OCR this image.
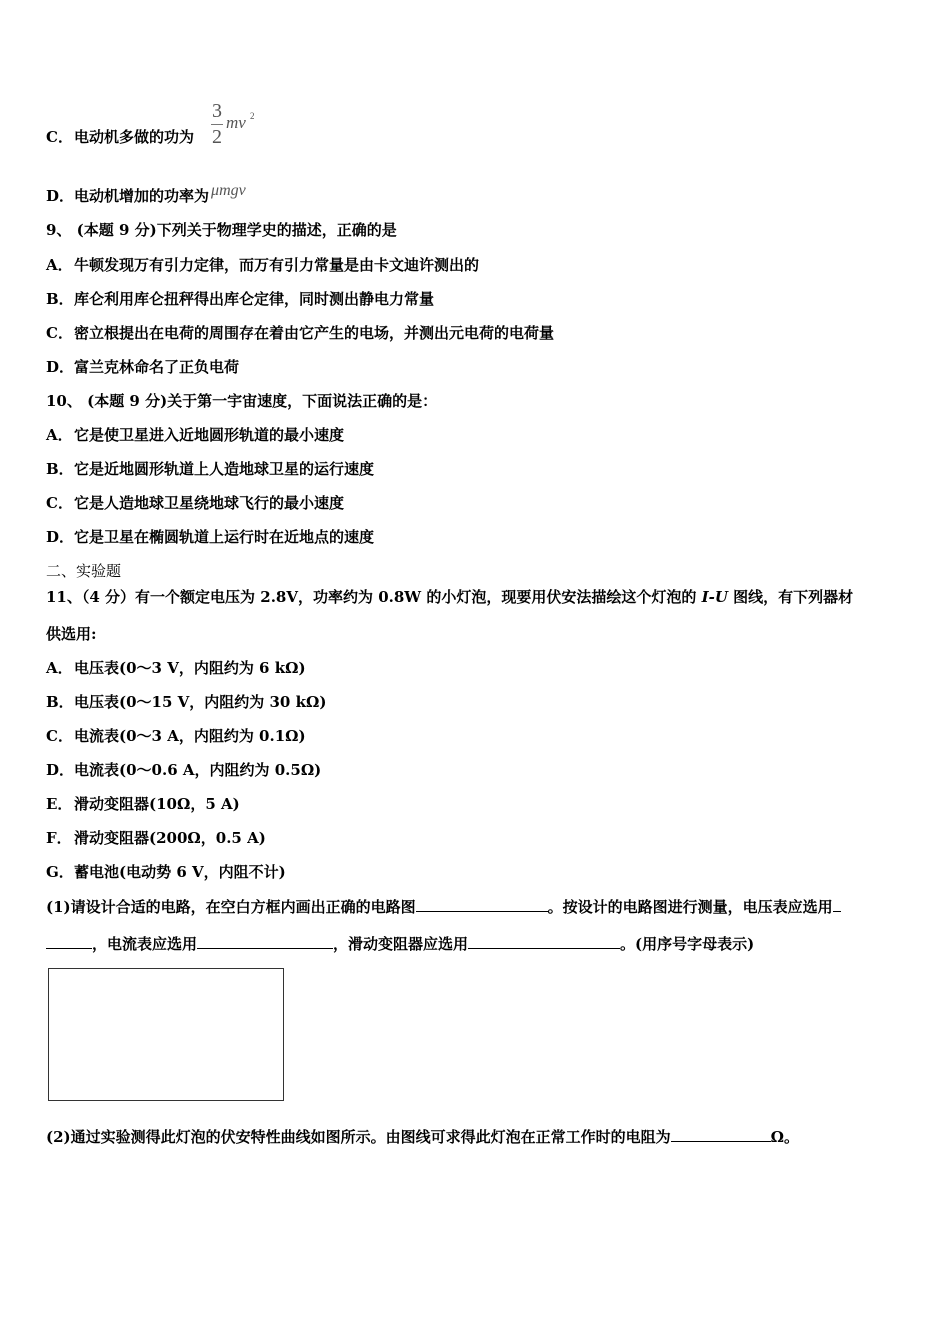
C．电动机多做的功为
3
2
mv 2
D．电动机增加的功率为 μmgv
9、 (本题 9 分)下列关于物理学史的描述，正确的是
A．牛顿发现万有引力定律，而万有引力常量是由卡文迪许测出的
B．库仑利用库仑扭秤得出库仑定律，同时测出静电力常量
C．密立根提出在电荷的周围存在着由它产生的电场，并测出元电荷的电荷量
D．富兰克林命名了正负电荷
10、 (本题 9 分)关于第一宇宙速度，下面说法正确的是：
A．它是使卫星进入近地圆形轨道的最小速度
B．它是近地圆形轨道上人造地球卫星的运行速度
C．它是人造地球卫星绕地球飞行的最小速度
D．它是卫星在椭圆轨道上运行时在近地点的速度
二、实验题
11、（4 分）有一个额定电压为 2.8V，功率约为 0.8W 的小灯泡，现要用伏安法描绘这个灯泡的 I-U 图线，有下列器材
供选用:
A．电压表(0～3 V，内阻约为 6 kΩ)
B．电压表(0～15 V，内阻约为 30 kΩ)
C．电流表(0～3 A，内阻约为 0.1Ω)
D．电流表(0～0.6 A，内阻约为 0.5Ω)
E． 滑动变阻器(10Ω，5 A)
F． 滑动变阻器(200Ω，0.5 A)
G．蓄电池(电动势 6 V，内阻不计)
(1)请设计合适的电路，在空白方框内画出正确的电路图	。按设计的电路图进行测量，电压表应选用
，电流表应选用	，滑动变阻器应选用	。(用序号字母表示)
(2)通过实验测得此灯泡的伏安特性曲线如图所示。由图线可求得此灯泡在正常工作时的电阻为	Ω。
